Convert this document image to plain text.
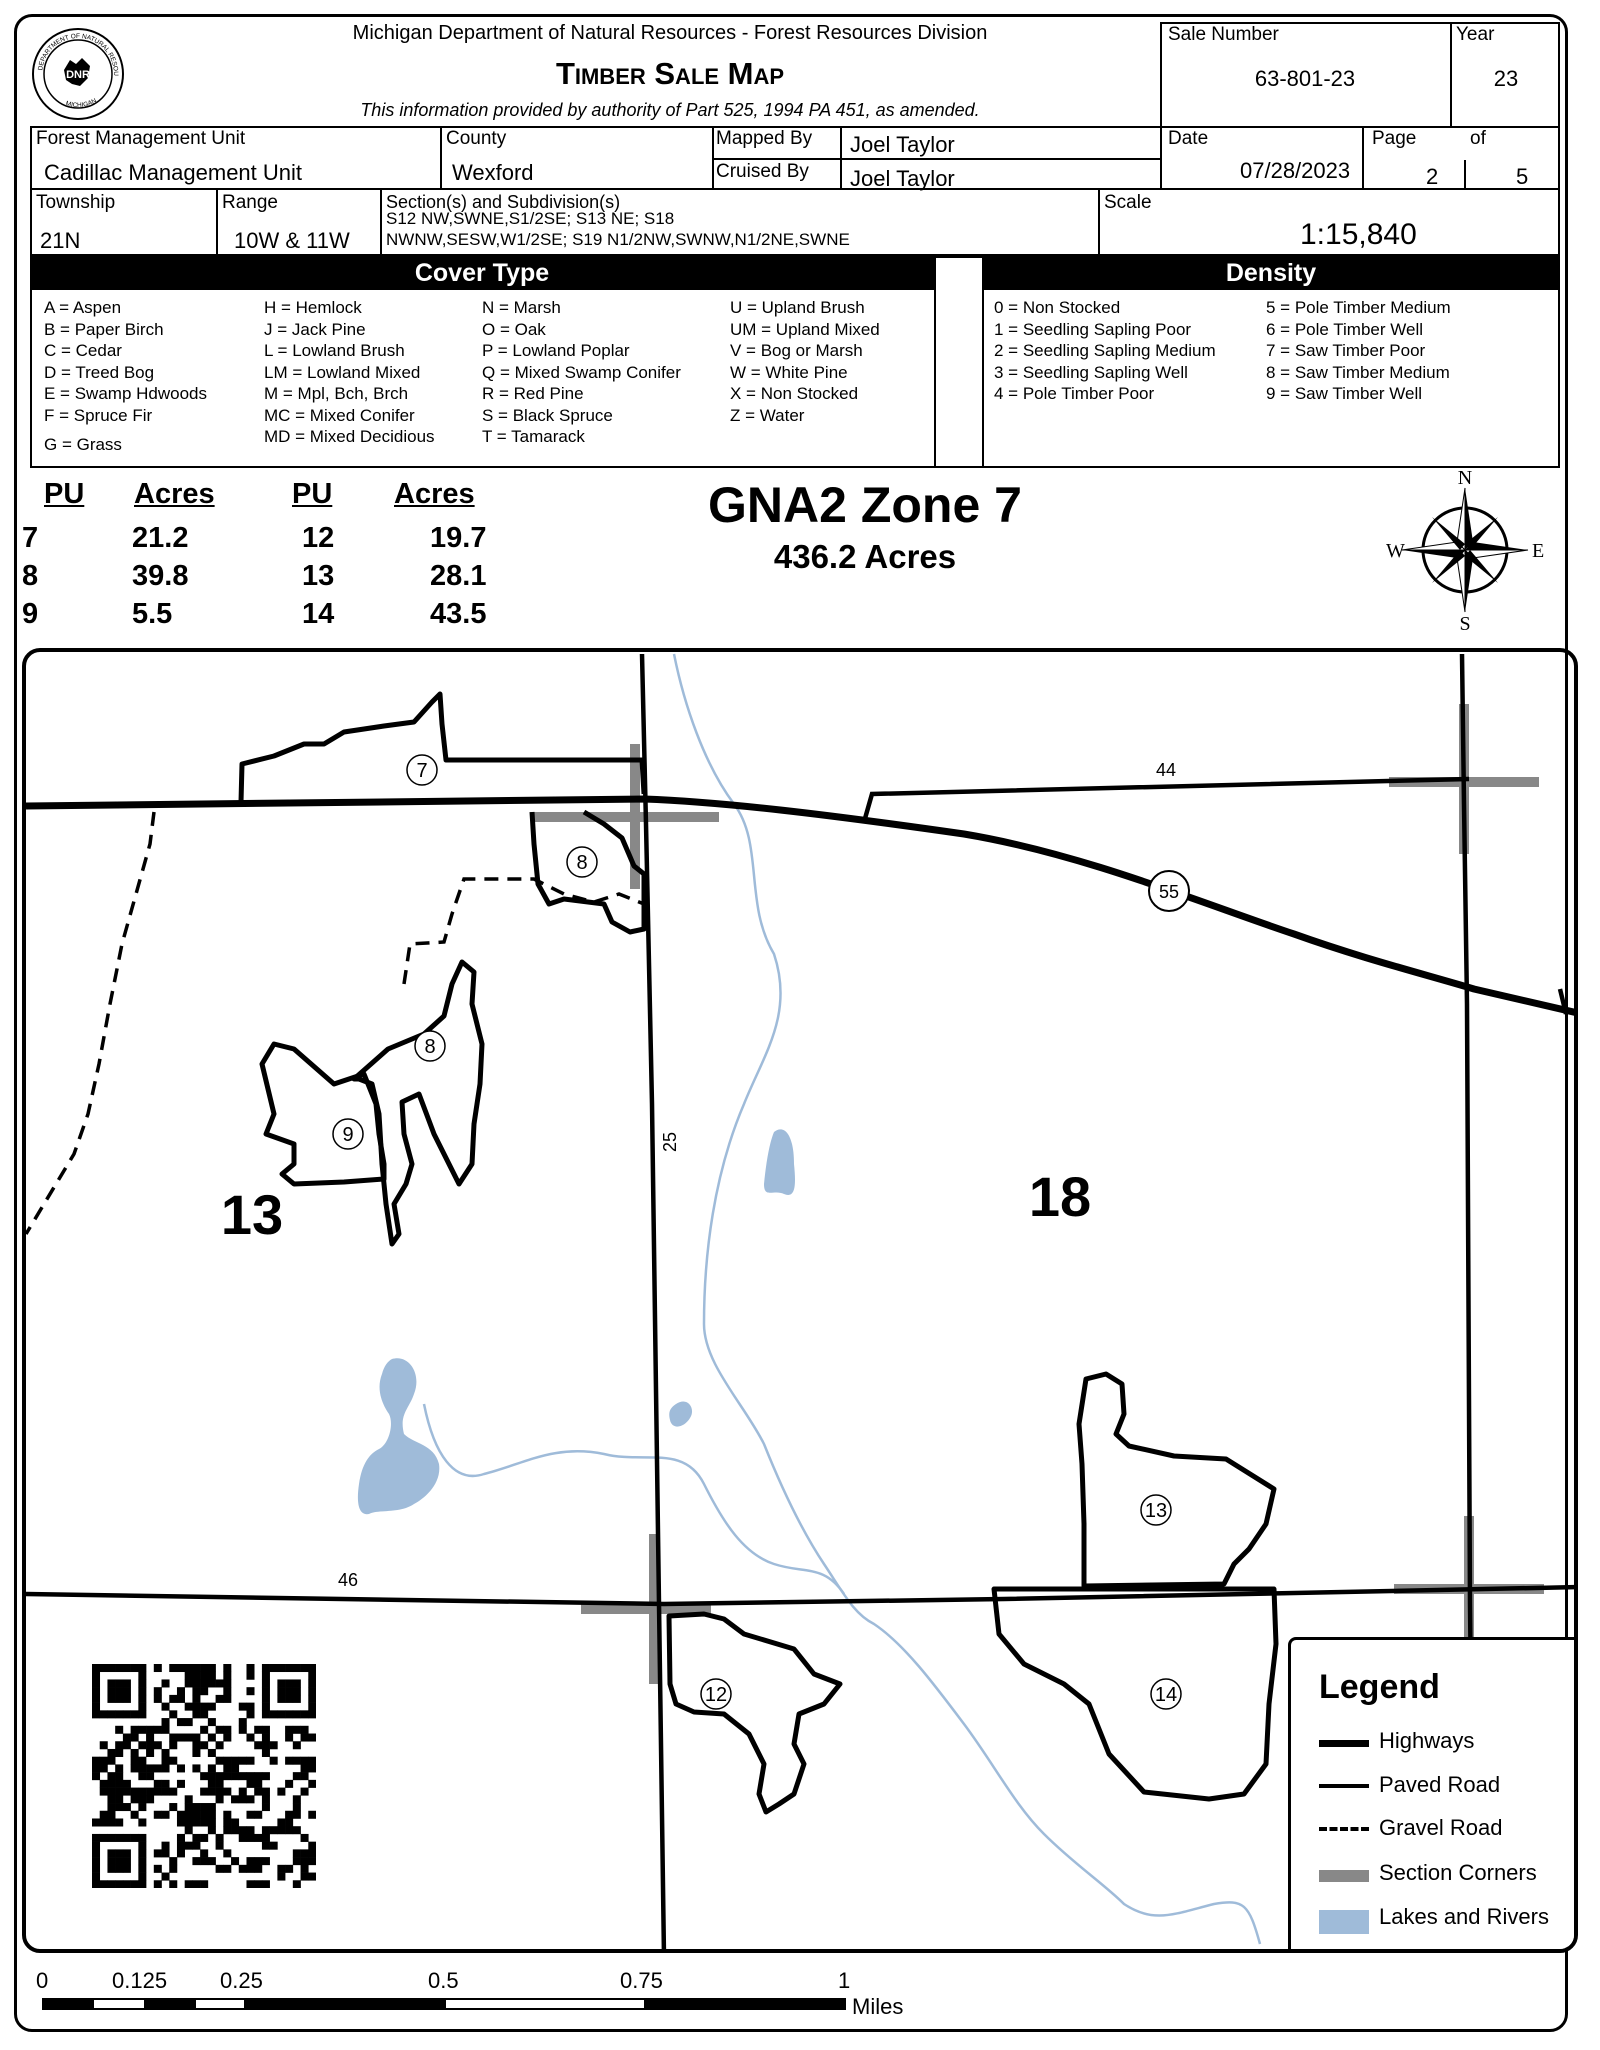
DNR
DEPARTMENT OF NATURAL RESOU
MICHIGAN
Michigan Department of Natural Resources - Forest Resources Division
Timber Sale Map
This information provided by authority of Part 525, 1994 PA 451, as amended.
Sale Number
63-801-23
Year
23
Forest Management Unit
Cadillac Management Unit
County
Wexford
Mapped By Joel Taylor
Cruised By Joel Taylor
Date
07/28/2023
Page
2
of
5
Township
21N
Range
10W & 11W
Section(s) and Subdivision(s)
S12 NW,SWNE,S1/2SE; S13 NE; S18
NWNW,SESW,W1/2SE; S19 N1/2NW,SWNW,N1/2NE,SWNE
Scale
1:15,840
Cover Type	Density
A = Aspen
B = Paper Birch
C = Cedar
D = Treed Bog
E = Swamp Hdwoods
F = Spruce Fir
G = Grass
H = Hemlock
J = Jack Pine
L = Lowland Brush
LM = Lowland Mixed
M = Mpl, Bch, Brch
MC = Mixed Conifer
MD = Mixed Decidious
N = Marsh
O = Oak
P = Lowland Poplar
Q = Mixed Swamp Conifer
R = Red Pine
S = Black Spruce
T = Tamarack
U = Upland Brush
UM = Upland Mixed
V = Bog or Marsh
W = White Pine
X = Non Stocked
Z = Water
0 = Non Stocked
1 = Seedling Sapling Poor
2 = Seedling Sapling Medium
3 = Seedling Sapling Well
4 = Pole Timber Poor
5 = Pole Timber Medium
6 = Pole Timber Well
7 = Saw Timber Poor
8 = Saw Timber Medium
9 = Saw Timber Well
PU Acres	PU Acres
7	21.2	12	19.7
8	39.8	13	28.1
9	5.5	14	43.5
GNA2 Zone 7
436.2 Acres
N
S
W	E
7
8
8
9
12
13
14
44
55
25
46
13	18
Legend
Highways
Paved Road
Gravel Road
Section Corners
Lakes and Rivers
0	0.125 0.25	0.5	0.75	1
Miles
